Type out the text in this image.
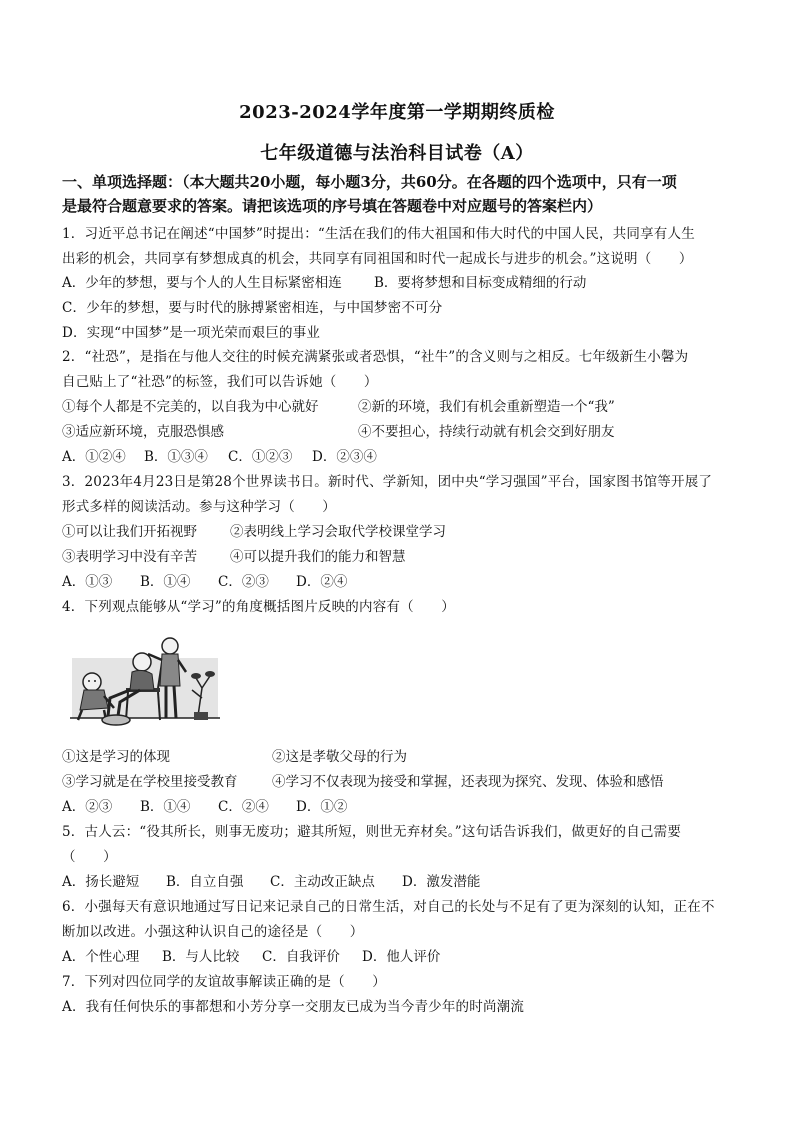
2023-2024学年度第一学期期终质检
七年级道德与法治科目试卷（A）
一、单项选择题：（本大题共20小题，每小题3分，共60分。在各题的四个选项中，只有一项
是最符合题意要求的答案。请把该选项的序号填在答题卷中对应题号的答案栏内）
1．习近平总书记在阐述“中国梦”时提出：“生活在我们的伟大祖国和伟大时代的中国人民，共同享有人生
出彩的机会，共同享有梦想成真的机会，共同享有同祖国和时代一起成长与进步的机会。”这说明（　　）
A．少年的梦想，要与个人的人生目标紧密相连 B．要将梦想和目标变成精细的行动
C．少年的梦想，要与时代的脉搏紧密相连，与中国梦密不可分
D．实现“中国梦”是一项光荣而艰巨的事业
2．“社恐”，是指在与他人交往的时候充满紧张或者恐惧，“社牛”的含义则与之相反。七年级新生小馨为
自己贴上了“社恐”的标签，我们可以告诉她（　　）
①每个人都是不完美的，以自我为中心就好	②新的环境，我们有机会重新塑造一个“我”
③适应新环境，克服恐惧感	④不要担心，持续行动就有机会交到好朋友
A．①②④ B．①③④ C．①②③ D．②③④
3．2023年4月23日是第28个世界读书日。新时代、学新知，团中央“学习强国”平台，国家图书馆等开展了
形式多样的阅读活动。参与这种学习（　　）
①可以让我们开拓视野 ②表明线上学习会取代学校课堂学习
③表明学习中没有辛苦 ④可以提升我们的能力和智慧
A．①③ B．①④ C．②③ D．②④
4．下列观点能够从“学习”的角度概括图片反映的内容有（　　）
①这是学习的体现	②这是孝敬父母的行为
③学习就是在学校里接受教育	④学习不仅表现为接受和掌握，还表现为探究、发现、体验和感悟
A．②③ B．①④ C．②④ D．①②
5．古人云：“役其所长，则事无废功；避其所短，则世无弃材矣。”这句话告诉我们，做更好的自己需要
（　　）
A．扬长避短 B．自立自强 C．主动改正缺点 D．激发潜能
6．小强每天有意识地通过写日记来记录自己的日常生活，对自己的长处与不足有了更为深刻的认知，正在不
断加以改进。小强这种认识自己的途径是（　　）
A．个性心理 B．与人比较 C．自我评价 D．他人评价
7．下列对四位同学的友谊故事解读正确的是（　　）
A．我有任何快乐的事都想和小芳分享一交朋友已成为当今青少年的时尚潮流
